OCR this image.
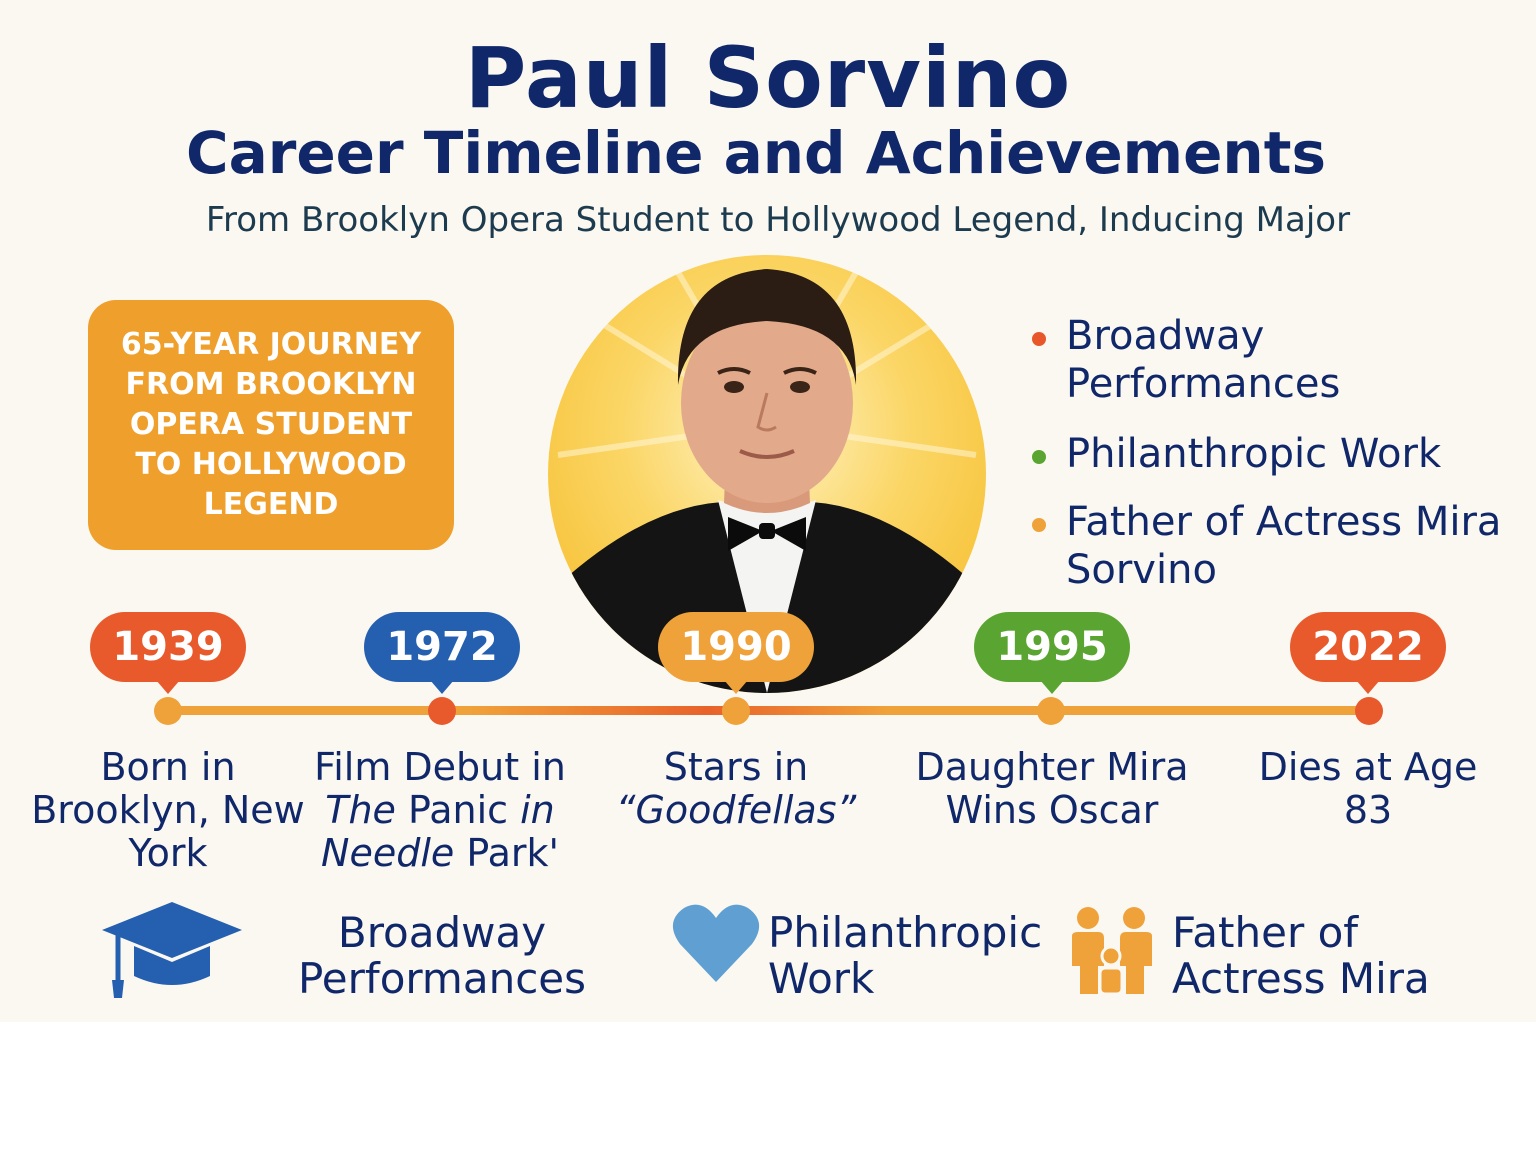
Paul Sorvino
Career Timeline and Achievements
From Brooklyn Opera Student to Hollywood Legend, Inducing Major
65-YEAR JOURNEY FROM BROOKLYN OPERA STUDENT TO HOLLYWOOD LEGEND
Broadway Performances
Philanthropic Work
Father of Actress Mira Sorvino
1939
Born in Brooklyn, New York
1972
Film Debut in The Panic in Needle Park'
1990
Stars in
“Goodfellas”
1995
Daughter Mira Wins Oscar
2022
Dies at Age 83
Broadway
Performances
Philanthropic
Work
Father of
Actress Mira
